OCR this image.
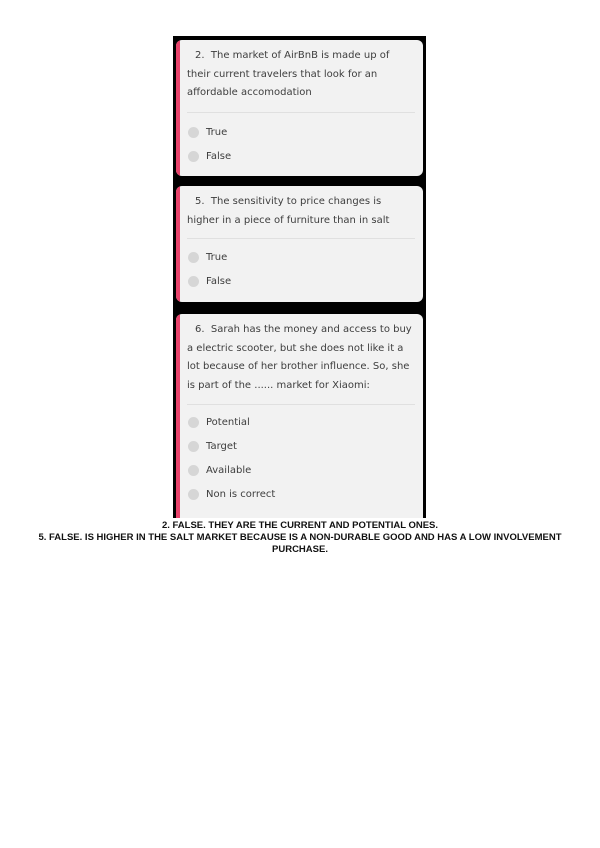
2. The market of AirBnB is made up of their current travelers that look for an affordable accomodation

True
False

5. The sensitivity to price changes is higher in a piece of furniture than in salt

True
False

6. Sarah has the money and access to buy a electric scooter, but she does not like it a lot because of her brother influence. So, she is part of the ...... market for Xiaomi:

Potential
Target
Available
Non is correct

2. FALSE. THEY ARE THE CURRENT AND POTENTIAL ONES.

5. FALSE. IS HIGHER IN THE SALT MARKET BECAUSE IS A NON-DURABLE GOOD AND HAS A LOW INVOLVEMENT PURCHASE.
